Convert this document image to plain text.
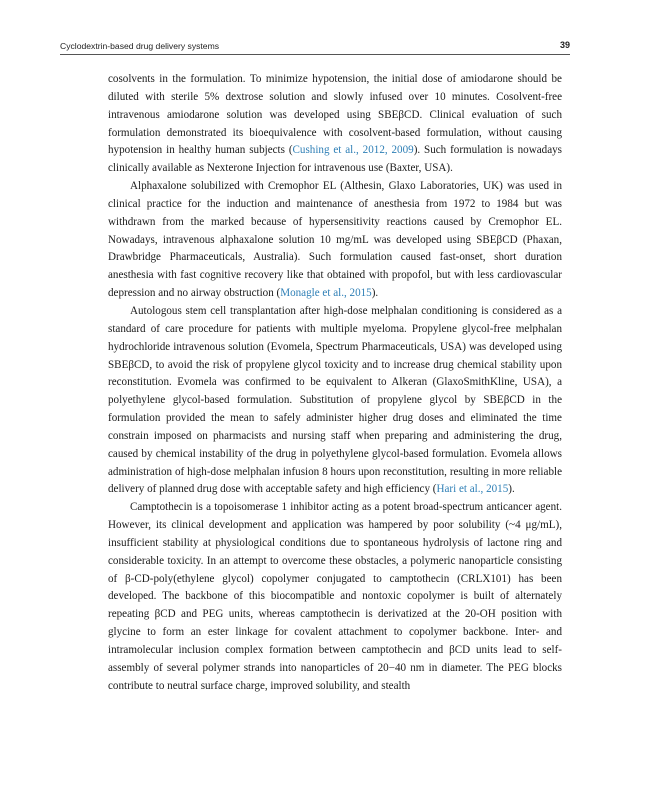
Cyclodextrin-based drug delivery systems	39

cosolvents in the formulation. To minimize hypotension, the initial dose of amiodarone should be diluted with sterile 5% dextrose solution and slowly infused over 10 minutes. Cosolvent-free intravenous amiodarone solution was developed using SBEβCD. Clinical evaluation of such formulation demonstrated its bioequivalence with cosolvent-based formulation, without causing hypotension in healthy human subjects (Cushing et al., 2012, 2009). Such formulation is nowadays clinically available as Nexterone Injection for intravenous use (Baxter, USA).

Alphaxalone solubilized with Cremophor EL (Althesin, Glaxo Laboratories, UK) was used in clinical practice for the induction and maintenance of anesthesia from 1972 to 1984 but was withdrawn from the marked because of hypersensitivity reactions caused by Cremophor EL. Nowadays, intravenous alphaxalone solution 10 mg/mL was developed using SBEβCD (Phaxan, Drawbridge Pharmaceuticals, Australia). Such formulation caused fast-onset, short duration anesthesia with fast cognitive recovery like that obtained with propofol, but with less cardiovascular depression and no airway obstruction (Monagle et al., 2015).

Autologous stem cell transplantation after high-dose melphalan conditioning is considered as a standard of care procedure for patients with multiple myeloma. Propylene glycol-free melphalan hydrochloride intravenous solution (Evomela, Spectrum Pharmaceuticals, USA) was developed using SBEβCD, to avoid the risk of propylene glycol toxicity and to increase drug chemical stability upon reconstitution. Evomela was confirmed to be equivalent to Alkeran (GlaxoSmithKline, USA), a polyethylene glycol-based formulation. Substitution of propylene glycol by SBEβCD in the formulation provided the mean to safely administer higher drug doses and eliminated the time constrain imposed on pharmacists and nursing staff when preparing and administering the drug, caused by chemical instability of the drug in polyethylene glycol-based formulation. Evomela allows administration of high-dose melphalan infusion 8 hours upon reconstitution, resulting in more reliable delivery of planned drug dose with acceptable safety and high efficiency (Hari et al., 2015).

Camptothecin is a topoisomerase 1 inhibitor acting as a potent broad-spectrum anticancer agent. However, its clinical development and application was hampered by poor solubility (~4 μg/mL), insufficient stability at physiological conditions due to spontaneous hydrolysis of lactone ring and considerable toxicity. In an attempt to overcome these obstacles, a polymeric nanoparticle consisting of β-CD-poly(ethylene glycol) copolymer conjugated to camptothecin (CRLX101) has been developed. The backbone of this biocompatible and nontoxic copolymer is built of alternately repeating βCD and PEG units, whereas camptothecin is derivatized at the 20-OH position with glycine to form an ester linkage for covalent attachment to copolymer backbone. Inter- and intramolecular inclusion complex formation between camptothecin and βCD units lead to self-assembly of several polymer strands into nanoparticles of 20−40 nm in diameter. The PEG blocks contribute to neutral surface charge, improved solubility, and stealth
